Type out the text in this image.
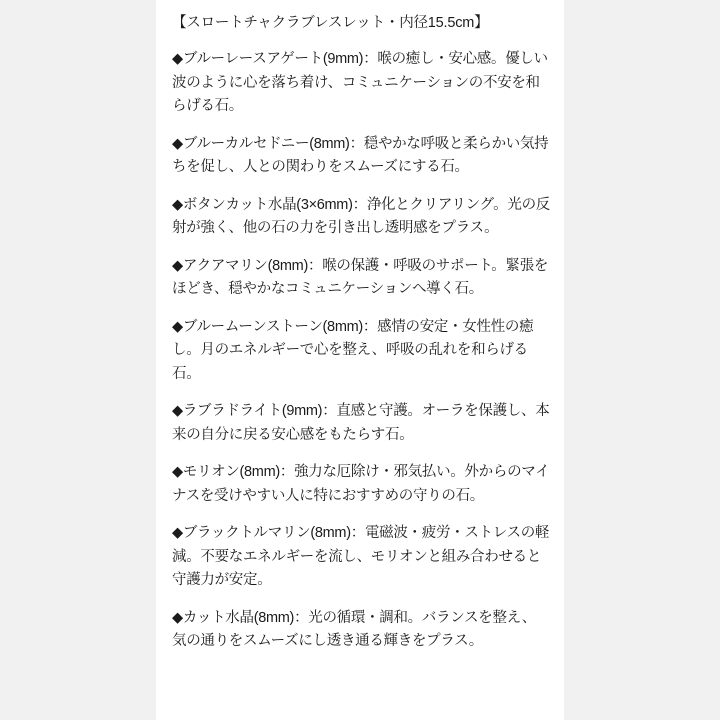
【スロートチャクラブレスレット・内径15.5cm】

◆ブルーレースアゲート(9mm)：喉の癒し・安心感。優しい波のように心を落ち着け、コミュニケーションの不安を和らげる石。

◆ブルーカルセドニー(8mm)：穏やかな呼吸と柔らかい気持ちを促し、人との関わりをスムーズにする石。

◆ボタンカット水晶(3×6mm)：浄化とクリアリング。光の反射が強く、他の石の力を引き出し透明感をプラス。

◆アクアマリン(8mm)：喉の保護・呼吸のサポート。緊張をほどき、穏やかなコミュニケーションへ導く石。

◆ブルームーンストーン(8mm)：感情の安定・女性性の癒し。月のエネルギーで心を整え、呼吸の乱れを和らげる石。

◆ラブラドライト(9mm)：直感と守護。オーラを保護し、本来の自分に戻る安心感をもたらす石。

◆モリオン(8mm)：強力な厄除け・邪気払い。外からのマイナスを受けやすい人に特におすすめの守りの石。

◆ブラックトルマリン(8mm)：電磁波・疲労・ストレスの軽減。不要なエネルギーを流し、モリオンと組み合わせると守護力が安定。

◆カット水晶(8mm)：光の循環・調和。バランスを整え、気の通りをスムーズにし透き通る輝きをプラス。
